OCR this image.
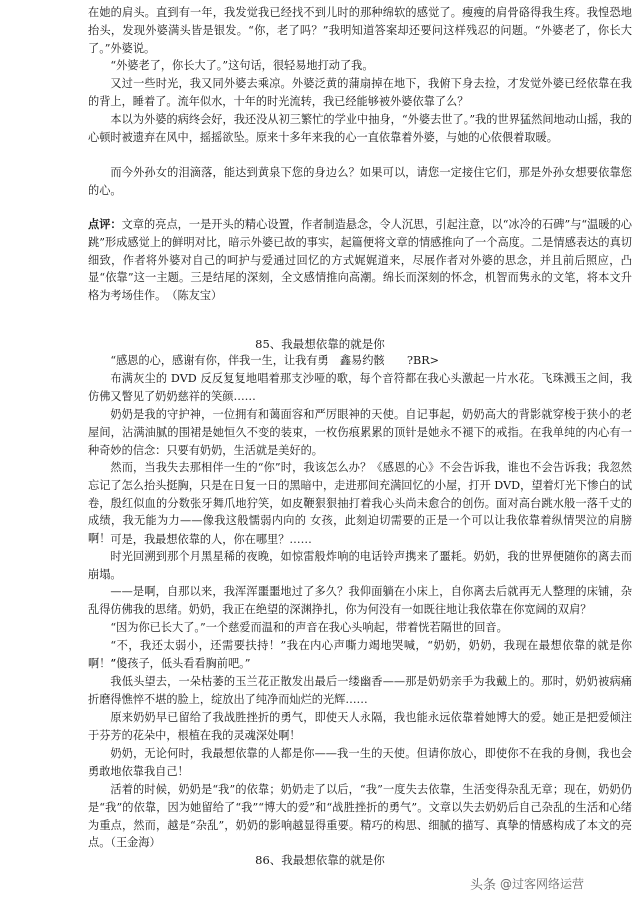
在她的肩头。直到有一年，我发觉我已经找不到儿时的那种绵软的感觉了。瘦瘦的肩骨硌得我生疼。我惶恐地抬头，发现外婆满头皆是银发。“你，老了吗？”我明知道答案却还要问这样残忍的问题。“外婆老了，你长大了。”外婆说。

“外婆老了，你长大了。”这句话，很轻易地打动了我。

又过一些时光，我又同外婆去乘凉。外婆泛黄的蒲扇掉在地下，我俯下身去捡，才发觉外婆已经依靠在我的背上，睡着了。流年似水，十年的时光流转，我已经能够被外婆依靠了么？

本以为外婆的病终会好，我还没从初三繁忙的学业中抽身，“外婆去世了。”我的世界猛然间地动山摇，我的心顿时被遗弃在风中，摇摇欲坠。原来十多年来我的心一直依靠着外婆，与她的心依偎着取暖。

而今外孙女的泪滴落，能达到黄泉下您的身边么？如果可以，请您一定接住它们，那是外孙女想要依靠您的心。

点评：文章的亮点，一是开头的精心设置，作者制造悬念，令人沉思，引起注意，以“冰冷的石碑”与“温暖的心跳”形成感觉上的鲜明对比，暗示外婆已故的事实，起篇便将文章的情感推向了一个高度。二是情感表达的真切细致，作者将外婆对自己的呵护与爱通过回忆的方式娓娓道来，尽展作者对外婆的思念，并且前后照应，凸显“依靠”这一主题。三是结尾的深刻，全文感情推向高潮。绵长而深刻的怀念，机智而隽永的文笔，将本文升格为考场佳作。　（陈友宝）

85、我最想依靠的就是你

“感恩的心，感谢有你，伴我一生，让我有勇　鑫易约骸　　?BR>

布满灰尘的 DVD 反反复复地唱着那支沙哑的歌，每个音符都在我心头激起一片水花。飞珠溅玉之间，我仿佛又瞥见了奶奶慈祥的笑颜……

奶奶是我的守护神，一位拥有和蔼面容和严厉眼神的天使。自记事起，奶奶高大的背影就穿梭于狭小的老屋间，沾满油腻的围裙是她恒久不变的装束，一枚伤痕累累的顶针是她永不褪下的戒指。在我单纯的内心有一种奇妙的信念：只要有奶奶，生活就是美好的。

然而，当我失去那相伴一生的“你”时，我该怎么办？《感恩的心》不会告诉我，谁也不会告诉我；我忽然忘记了怎么抬头挺胸，只是在日复一日的黑暗中，走进那间充满回忆的小屋，打开 DVD，望着灯光下惨白的试卷，殷红似血的分数张牙舞爪地狞笑，如皮鞭狠狠抽打着我心头尚未愈合的创伤。面对高台跳水般一落千丈的成绩，我无能为力——像我这般懦弱内向的 女孩，此刻迫切需要的正是一个可以让我依靠着纵情哭泣的肩膀啊！ 可是，我最想依靠的人，你在哪里？……

时光回溯到那个月黑星稀的夜晚，如惊雷般炸响的电话铃声携来了噩耗。奶奶，我的世界便随你的离去而崩塌。

——是啊，自那以来，我浑浑噩噩地过了多久？我仰面躺在小床上，自你离去后就再无人整理的床铺，杂乱得仿佛我的思绪。奶奶，我正在绝望的深渊挣扎，你为何没有一如既往地让我依靠在你宽阔的双肩？

“因为你已长大了。”一个慈爱而温和的声音在我心头响起，带着恍若隔世的回音。

“不，我还太弱小，还需要扶持！”我在内心声嘶力竭地哭喊，“奶奶，奶奶，我现在最想依靠的就是你啊！”

“傻孩子，低头看看胸前吧。”

我低头望去，一朵枯萎的玉兰花正散发出最后一缕幽香——那是奶奶亲手为我戴上的。那时，奶奶被病痛折磨得憔悴不堪的脸上，绽放出了纯净而灿烂的光辉……

原来奶奶早已留给了我战胜挫折的勇气，即使天人永隔，我也能永远依靠着她博大的爱。她正是把爱倾注于芬芳的花朵中，根植在我的灵魂深处啊！

奶奶，无论何时，我最想依靠的人都是你——我一生的天使。但请你放心，即使你不在我的身侧，我也会勇敢地依靠我自己！

活着的时候，奶奶是“我”的依靠；奶奶走了以后，“我”一度失去依靠，生活变得杂乱无章；现在，奶奶仍是“我”的依靠，因为她留给了“我”“博大的爱”和“战胜挫折的勇气”。文章以失去奶奶后自己杂乱的生活和心绪为重点，然而，越是“杂乱”，奶奶的影响越显得重要。精巧的构思、细腻的描写、真挚的情感构成了本文的亮点。（王金海）

86、我最想依靠的就是你

头条 @过客网络运营
